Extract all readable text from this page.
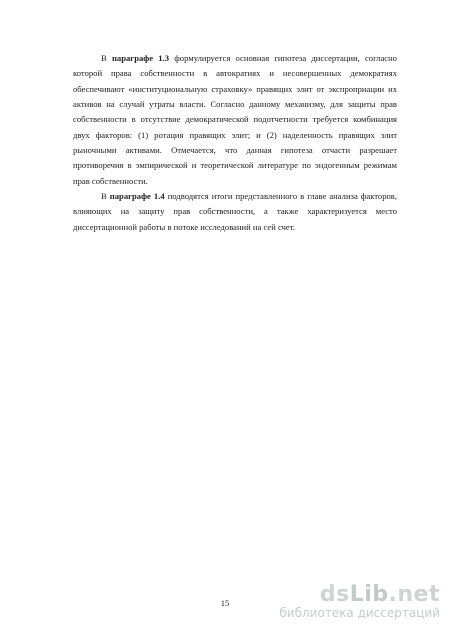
В параграфе 1.3 формулируется основная гипотеза диссертации, согласно которой права собственности в автократиях и несовершенных демократиях обеспечивают «институциональную страховку» правящих элит от экспроприации их активов на случай утраты власти. Согласно данному механизму, для защиты прав собственности в отсутствие демократической подотчетности требуется комбинация двух факторов: (1) ротация правящих элит; и (2) наделенность правящих элит рыночными активами. Отмечается, что данная гипотеза отчасти разрешает противоречия в эмпирической и теоретической литературе по эндогенным режимам прав собственности.

В параграфе 1.4 подводятся итоги представленного в главе анализа факторов, влияющих на защиту прав собственности, а также характеризуется место диссертационной работы в потоке исследований на сей счет.

15	dsLib.net
библиотека диссертаций
